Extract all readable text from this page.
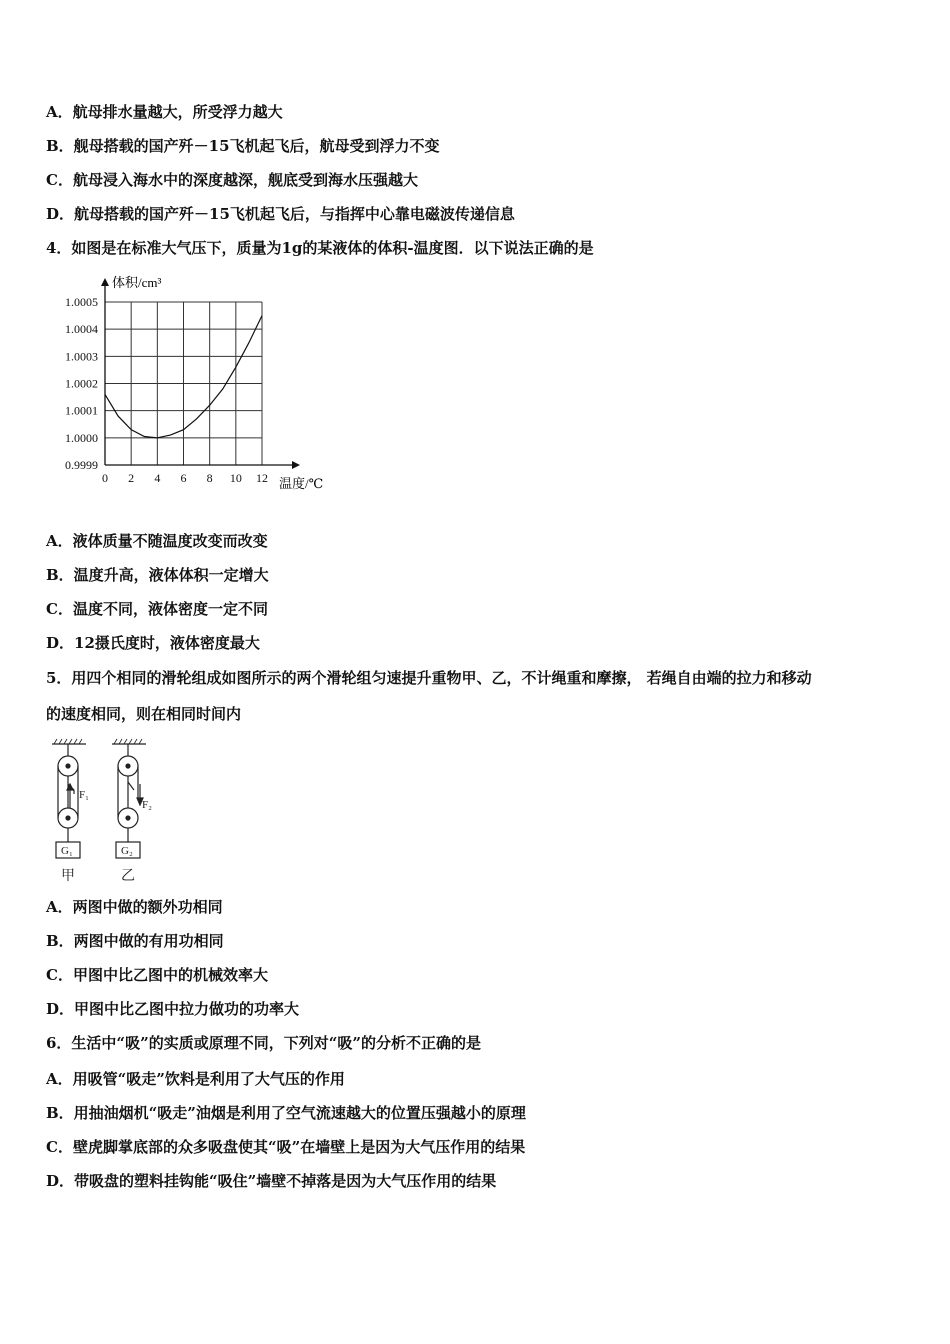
A．航母排水量越大，所受浮力越大
B．舰母搭载的国产歼－15飞机起飞后，航母受到浮力不变
C．航母浸入海水中的深度越深，舰底受到海水压强越大
D．航母搭载的国产歼－15飞机起飞后，与指挥中心靠电磁波传递信息
4．如图是在标准大气压下，质量为1g的某液体的体积-温度图．以下说法正确的是
0 2 4 6 8 10 12
0.9999
1.0000
1.0001
1.0002
1.0003
1.0004
1.0005
体积/cm³
温度/℃
A．液体质量不随温度改变而改变
B．温度升高，液体体积一定增大
C．温度不同，液体密度一定不同
D．12摄氏度时，液体密度最大
5．用四个相同的滑轮组成如图所示的两个滑轮组匀速提升重物甲、乙，不计绳重和摩擦， 若绳自由端的拉力和移动
的速度相同，则在相同时间内
F₁
F₂
G₁	G₂
甲	乙
A．两图中做的额外功相同
B．两图中做的有用功相同
C．甲图中比乙图中的机械效率大
D．甲图中比乙图中拉力做功的功率大
6．生活中“吸”的实质或原理不同，下列对“吸”的分析不正确的是
A．用吸管“吸走”饮料是利用了大气压的作用
B．用抽油烟机“吸走”油烟是利用了空气流速越大的位置压强越小的原理
C．壁虎脚掌底部的众多吸盘使其“吸”在墙壁上是因为大气压作用的结果
D．带吸盘的塑料挂钩能“吸住”墙壁不掉落是因为大气压作用的结果
